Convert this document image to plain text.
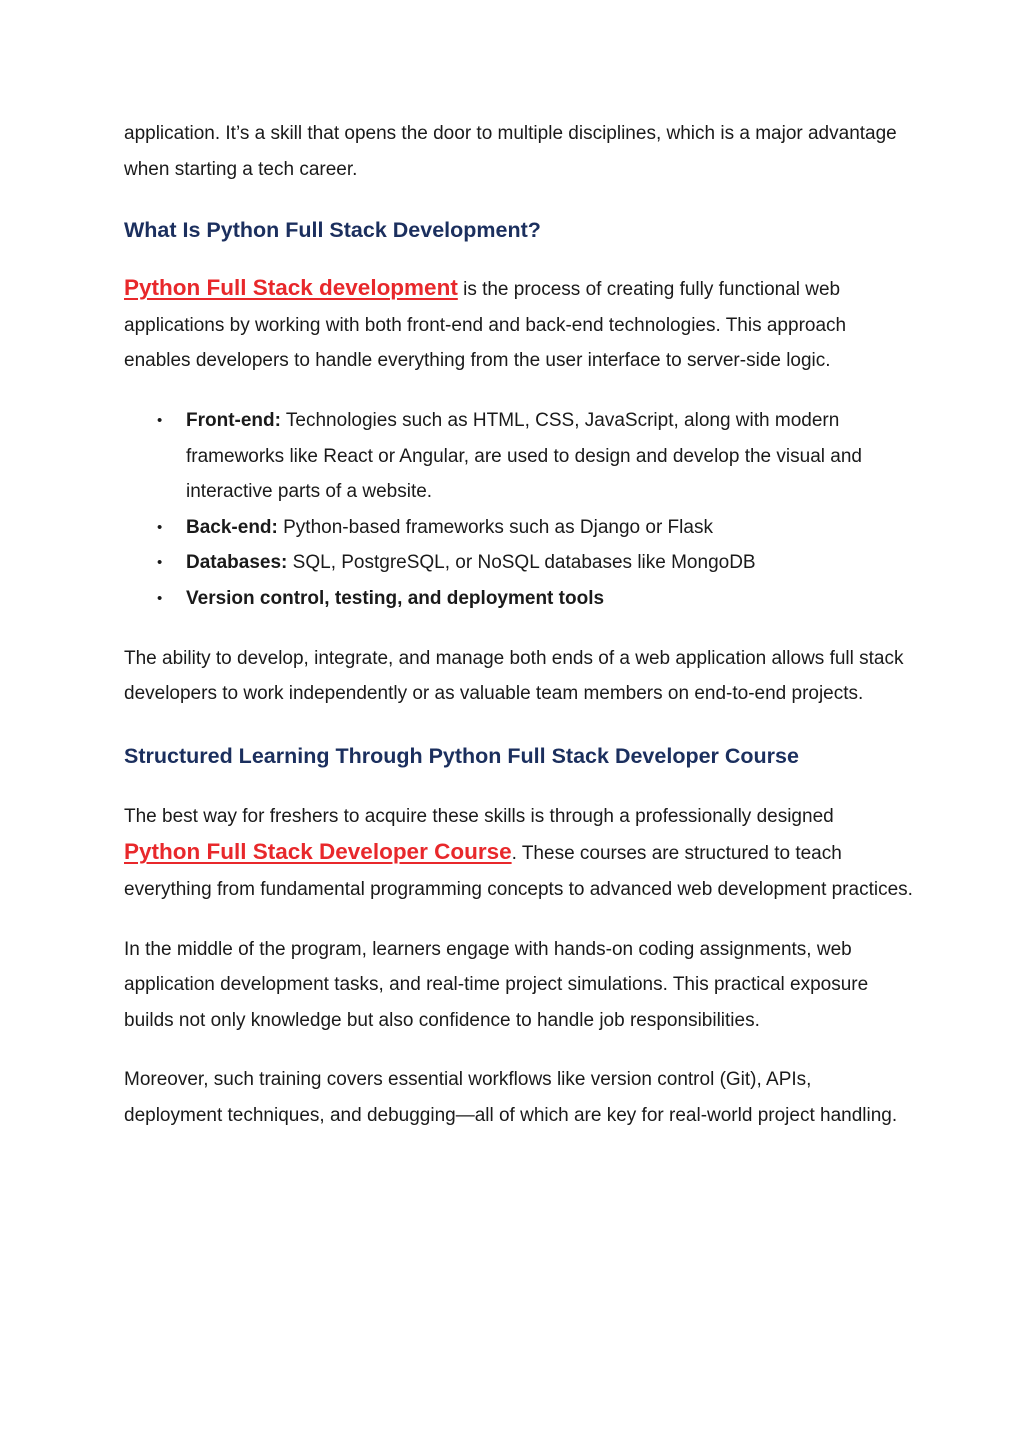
application. It’s a skill that opens the door to multiple disciplines, which is a major advantage when starting a tech career.

What Is Python Full Stack Development?

Python Full Stack development is the process of creating fully functional web applications by working with both front-end and back-end technologies. This approach enables developers to handle everything from the user interface to server-side logic.

• Front-end: Technologies such as HTML, CSS, JavaScript, along with modern frameworks like React or Angular, are used to design and develop the visual and interactive parts of a website.
• Back-end: Python-based frameworks such as Django or Flask
• Databases: SQL, PostgreSQL, or NoSQL databases like MongoDB
• Version control, testing, and deployment tools

The ability to develop, integrate, and manage both ends of a web application allows full stack developers to work independently or as valuable team members on end-to-end projects.

Structured Learning Through Python Full Stack Developer Course

The best way for freshers to acquire these skills is through a professionally designed Python Full Stack Developer Course. These courses are structured to teach everything from fundamental programming concepts to advanced web development practices.

In the middle of the program, learners engage with hands-on coding assignments, web application development tasks, and real-time project simulations. This practical exposure builds not only knowledge but also confidence to handle job responsibilities.

Moreover, such training covers essential workflows like version control (Git), APIs, deployment techniques, and debugging—all of which are key for real-world project handling.
